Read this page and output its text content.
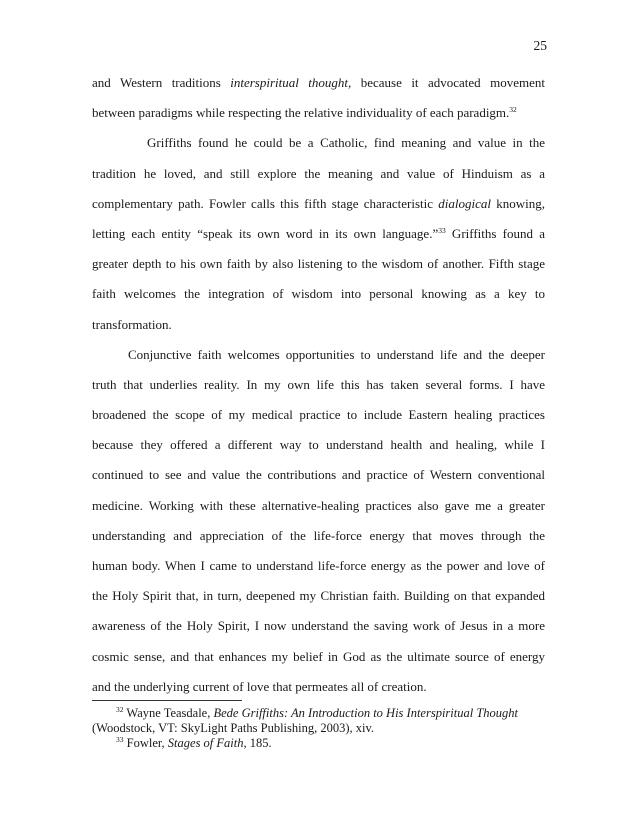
25
and Western traditions interspiritual thought, because it advocated movement
between paradigms while respecting the relative individuality of each paradigm.$^{32}$
Griffiths found he could be a Catholic, find meaning and value in the
tradition he loved, and still explore the meaning and value of Hinduism as a
complementary path. Fowler calls this fifth stage characteristic dialogical knowing,
letting each entity “speak its own word in its own language.”$^{33}$ Griffiths found a
greater depth to his own faith by also listening to the wisdom of another. Fifth stage
faith welcomes the integration of wisdom into personal knowing as a key to
transformation.
Conjunctive faith welcomes opportunities to understand life and the deeper
truth that underlies reality. In my own life this has taken several forms. I have
broadened the scope of my medical practice to include Eastern healing practices
because they offered a different way to understand health and healing, while I
continued to see and value the contributions and practice of Western conventional
medicine. Working with these alternative-healing practices also gave me a greater
understanding and appreciation of the life-force energy that moves through the
human body. When I came to understand life-force energy as the power and love of
the Holy Spirit that, in turn, deepened my Christian faith. Building on that expanded
awareness of the Holy Spirit, I now understand the saving work of Jesus in a more
cosmic sense, and that enhances my belief in God as the ultimate source of energy
and the underlying current of love that permeates all of creation.
$^{32}$ Wayne Teasdale, Bede Griffiths: An Introduction to His Interspiritual Thought
(Woodstock, VT: SkyLight Paths Publishing, 2003), xiv.
$^{33}$ Fowler, Stages of Faith, 185.
